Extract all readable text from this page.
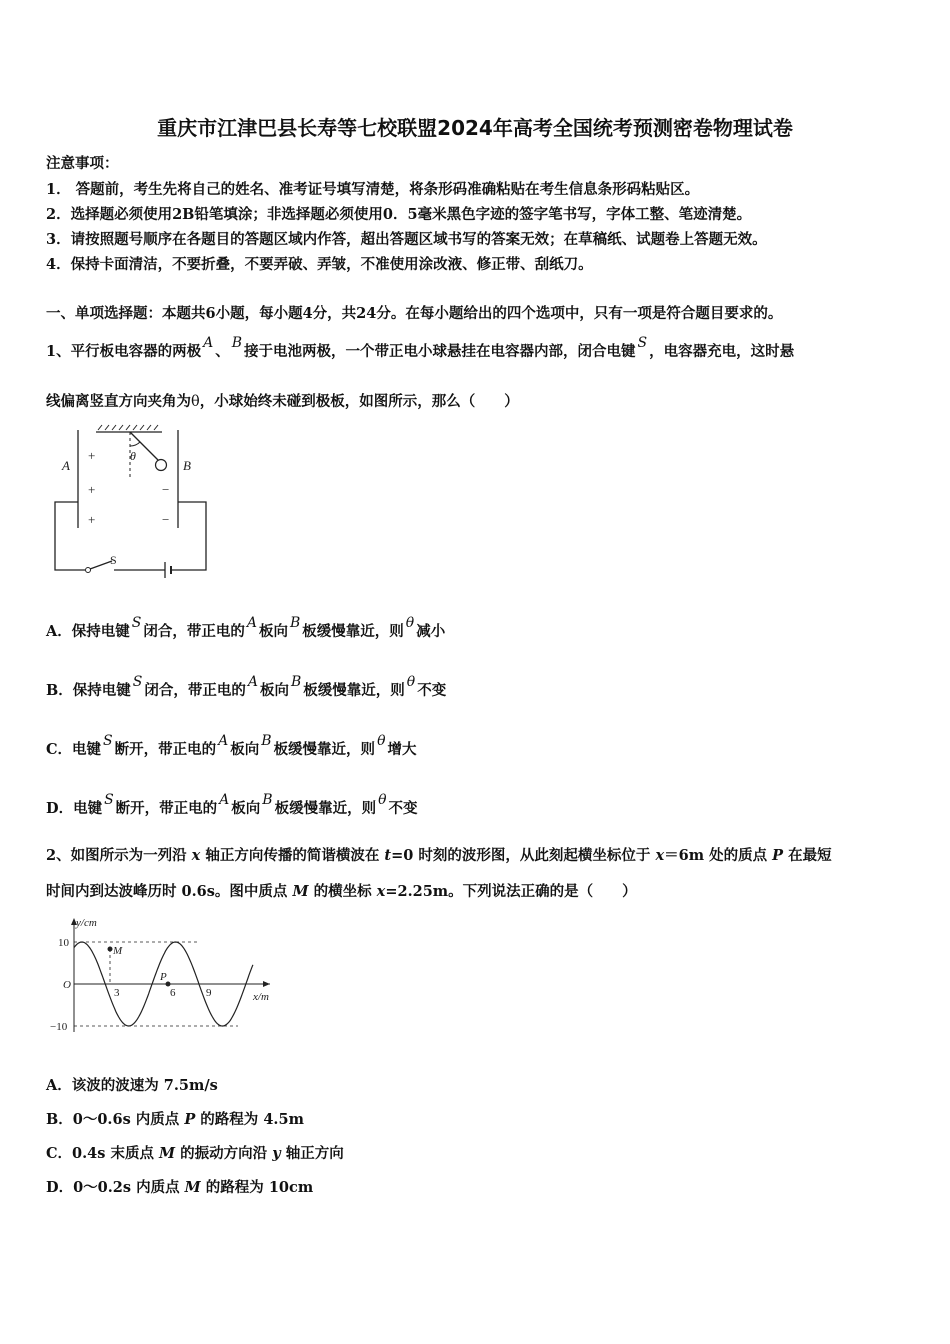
重庆市江津巴县长寿等七校联盟2024年高考全国统考预测密卷物理试卷
注意事项：
1． 答题前，考生先将自己的姓名、准考证号填写清楚，将条形码准确粘贴在考生信息条形码粘贴区。
2．选择题必须使用2B铅笔填涂；非选择题必须使用0．5毫米黑色字迹的签字笔书写，字体工整、笔迹清楚。
3．请按照题号顺序在各题目的答题区域内作答，超出答题区域书写的答案无效；在草稿纸、试题卷上答题无效。
4．保持卡面清洁，不要折叠，不要弄破、弄皱，不准使用涂改液、修正带、刮纸刀。
一、单项选择题：本题共6小题，每小题4分，共24分。在每小题给出的四个选项中，只有一项是符合题目要求的。
1、平行板电容器的两极 A 、 B 接于电池两极，一个带正电小球悬挂在电容器内部，闭合电键 S ，电容器充电，这时悬
线偏离竖直方向夹角为θ，小球始终未碰到极板，如图所示，那么（　　）
A	B
θ
S
+
+
+
−
−
A．保持电键 S 闭合，带正电的 A 板向 B 板缓慢靠近，则 θ 减小
B．保持电键 S 闭合，带正电的 A 板向 B 板缓慢靠近，则 θ 不变
C．电键 S 断开，带正电的 A 板向 B 板缓慢靠近，则 θ 增大
D．电键 S 断开，带正电的 A 板向 B 板缓慢靠近，则 θ 不变
2、如图所示为一列沿 x 轴正方向传播的简谐横波在 t=0 时刻的波形图，从此刻起横坐标位于 x＝6m 处的质点 P 在最短
时间内到达波峰历时 0.6s。图中质点 M 的横坐标 x=2.25m。下列说法正确的是（　　）
y/cm
x/m
10
−10
O
3	6	9
M
P
A．该波的波速为 7.5m/s
B．0～0.6s 内质点 P 的路程为 4.5m
C．0.4s 末质点 M 的振动方向沿 y 轴正方向
D．0～0.2s 内质点 M 的路程为 10cm
